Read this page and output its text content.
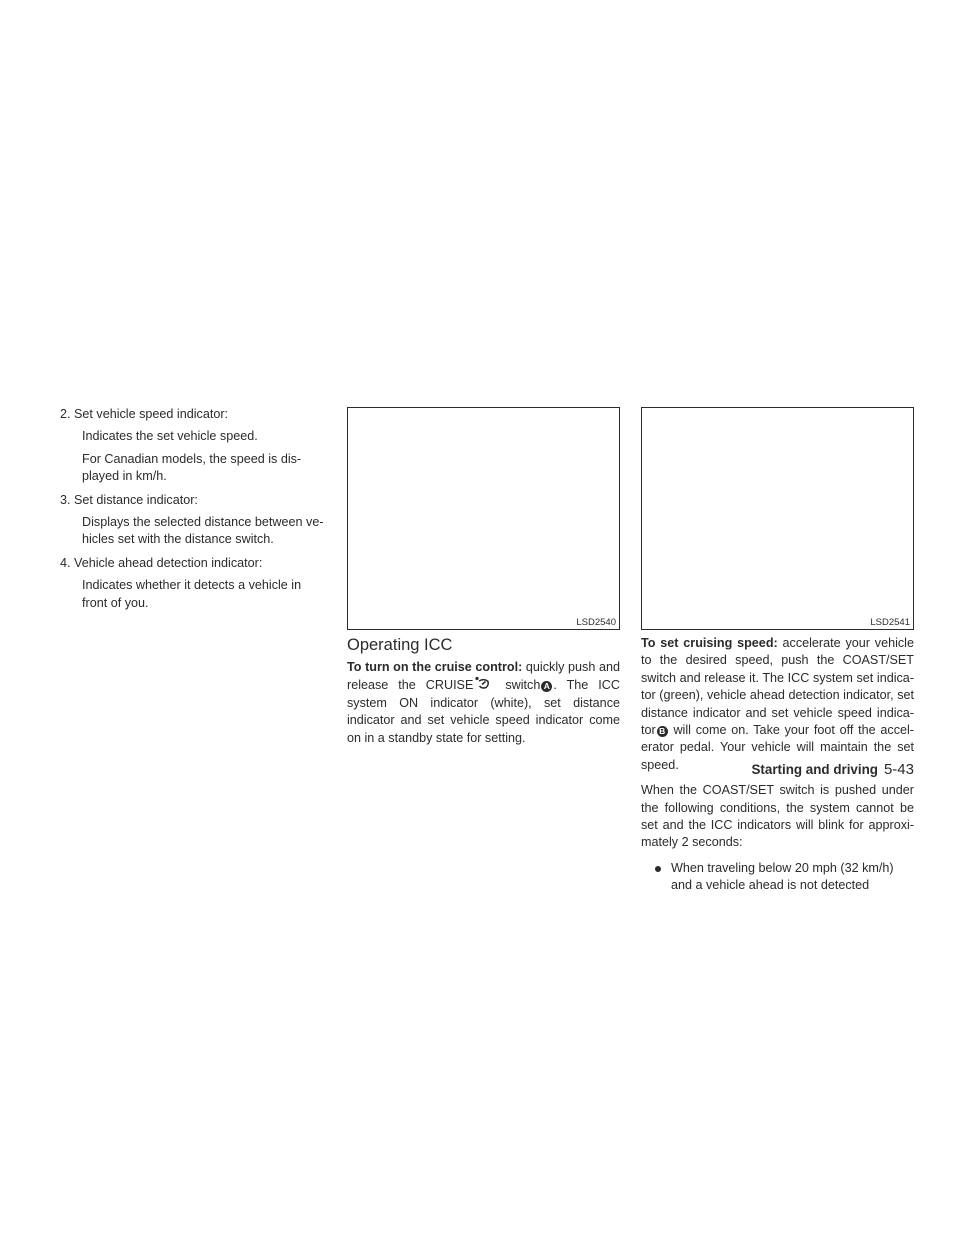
2. Set vehicle speed indicator:

Indicates the set vehicle speed.

For Canadian models, the speed is dis- played in km/h.

3. Set distance indicator:

Displays the selected distance between ve- hicles set with the distance switch.

4. Vehicle ahead detection indicator:

Indicates whether it detects a vehicle in front of you.

LSD2540	LSD2541
Operating ICC

To turn on the cruise control: quickly push and release the CRUISE switch A . The ICC system ON indicator (white), set distance indicator and set vehicle speed indicator come on in a standby state for setting.

To set cruising speed: accelerate your vehicle to the desired speed, push the COAST/SET switch and release it. The ICC system set indica- tor (green), vehicle ahead detection indicator, set distance indicator and set vehicle speed indica- tor B will come on. Take your foot off the accel- erator pedal. Your vehicle will maintain the set speed.

When the COAST/SET switch is pushed under the following conditions, the system cannot be set and the ICC indicators will blink for approxi- mately 2 seconds:

When traveling below 20 mph (32 km/h) and a vehicle ahead is not detected
Starting and driving 5-43
